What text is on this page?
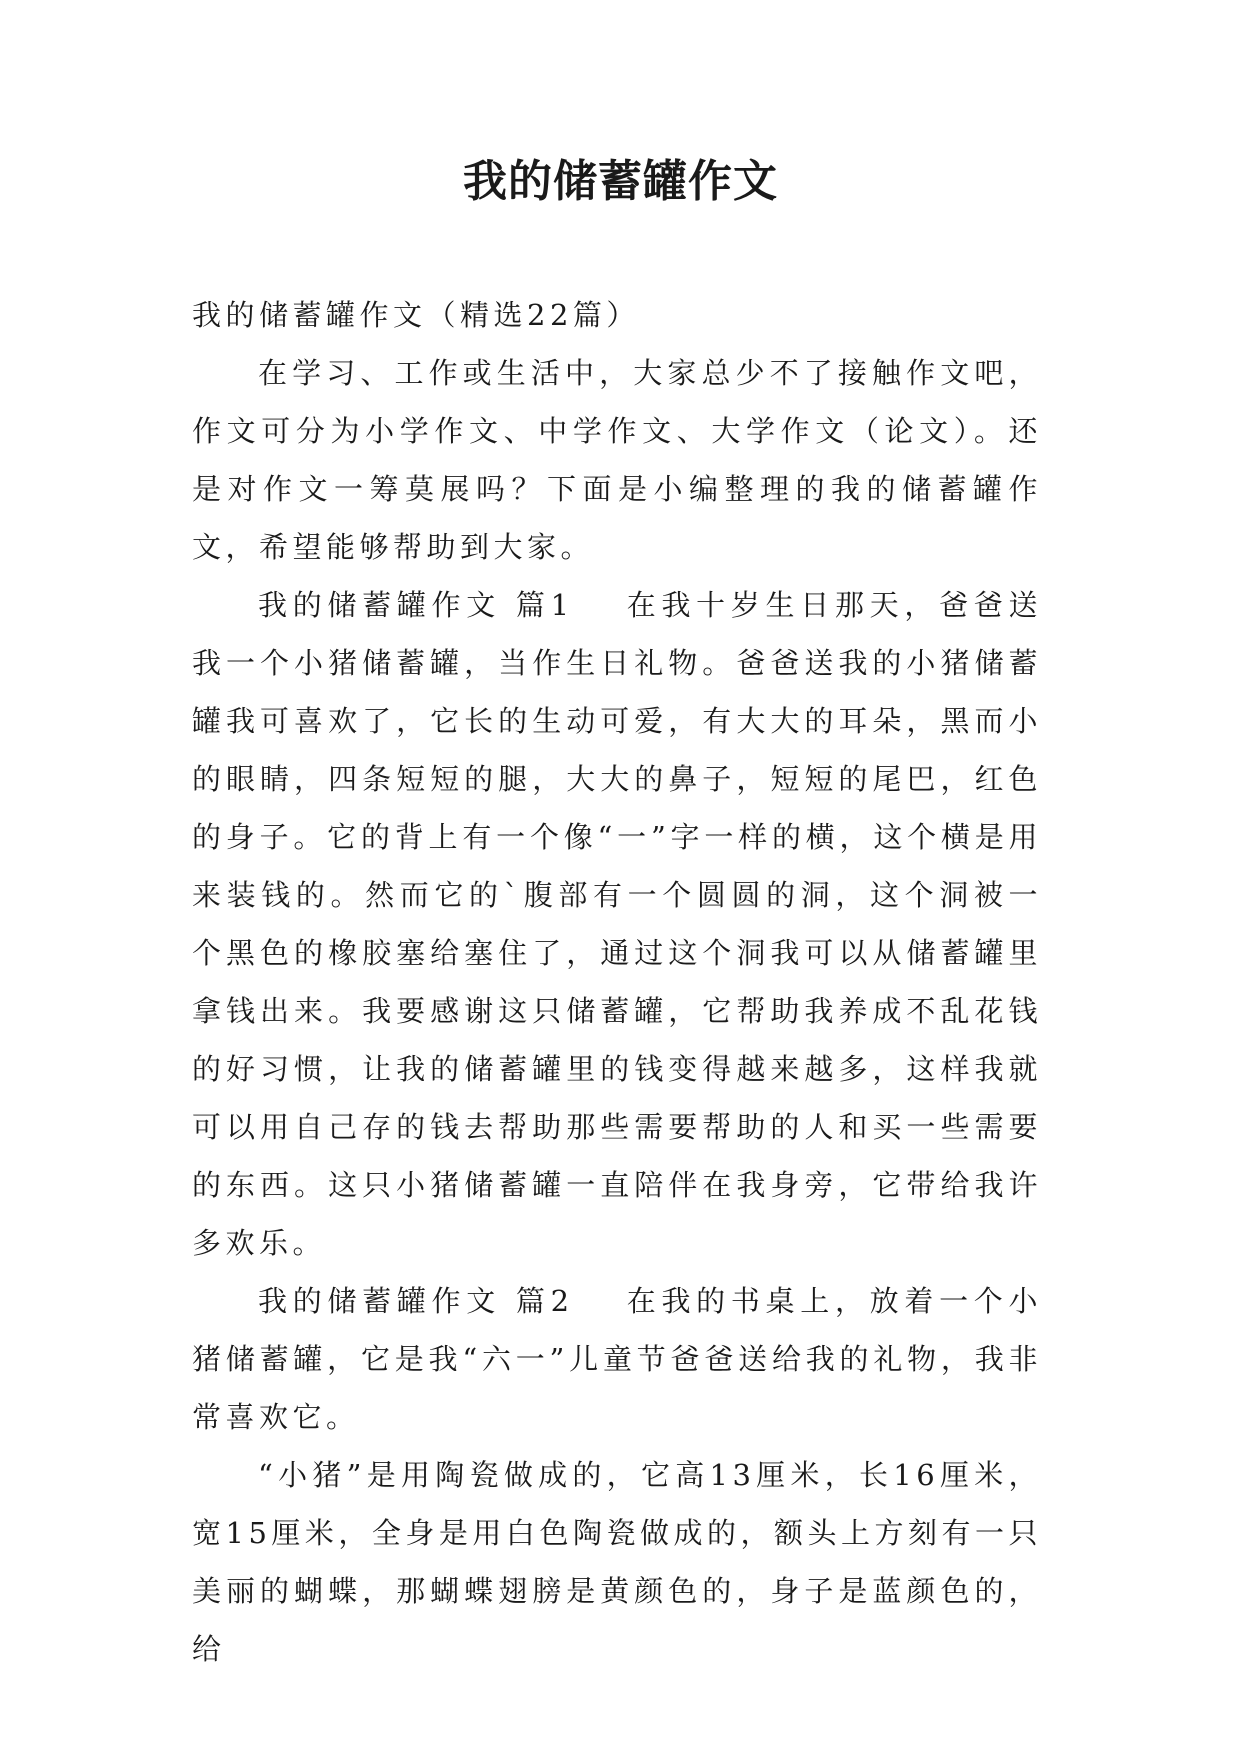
我的储蓄罐作文

我的储蓄罐作文（精选22篇）

在学习、工作或生活中，大家总少不了接触作文吧，作文可分为小学作文、中学作文、大学作文（论文）。还是对作文一筹莫展吗？下面是小编整理的我的储蓄罐作文，希望能够帮助到大家。

我的储蓄罐作文 篇1 在我十岁生日那天，爸爸送我一个小猪储蓄罐，当作生日礼物。爸爸送我的小猪储蓄罐我可喜欢了，它长的生动可爱，有大大的耳朵，黑而小的眼睛，四条短短的腿，大大的鼻子，短短的尾巴，红色的身子。它的背上有一个像“一”字一样的横，这个横是用来装钱的。然而它的`腹部有一个圆圆的洞，这个洞被一个黑色的橡胶塞给塞住了，通过这个洞我可以从储蓄罐里拿钱出来。我要感谢这只储蓄罐，它帮助我养成不乱花钱的好习惯，让我的储蓄罐里的钱变得越来越多，这样我就可以用自己存的钱去帮助那些需要帮助的人和买一些需要的东西。这只小猪储蓄罐一直陪伴在我身旁，它带给我许多欢乐。

我的储蓄罐作文 篇2 在我的书桌上，放着一个小猪储蓄罐，它是我“六一”儿童节爸爸送给我的礼物，我非常喜欢它。

“小猪”是用陶瓷做成的，它高13厘米，长16厘米，宽15厘米，全身是用白色陶瓷做成的，额头上方刻有一只美丽的蝴蝶，那蝴蝶翅膀是黄颜色的，身子是蓝颜色的，给
